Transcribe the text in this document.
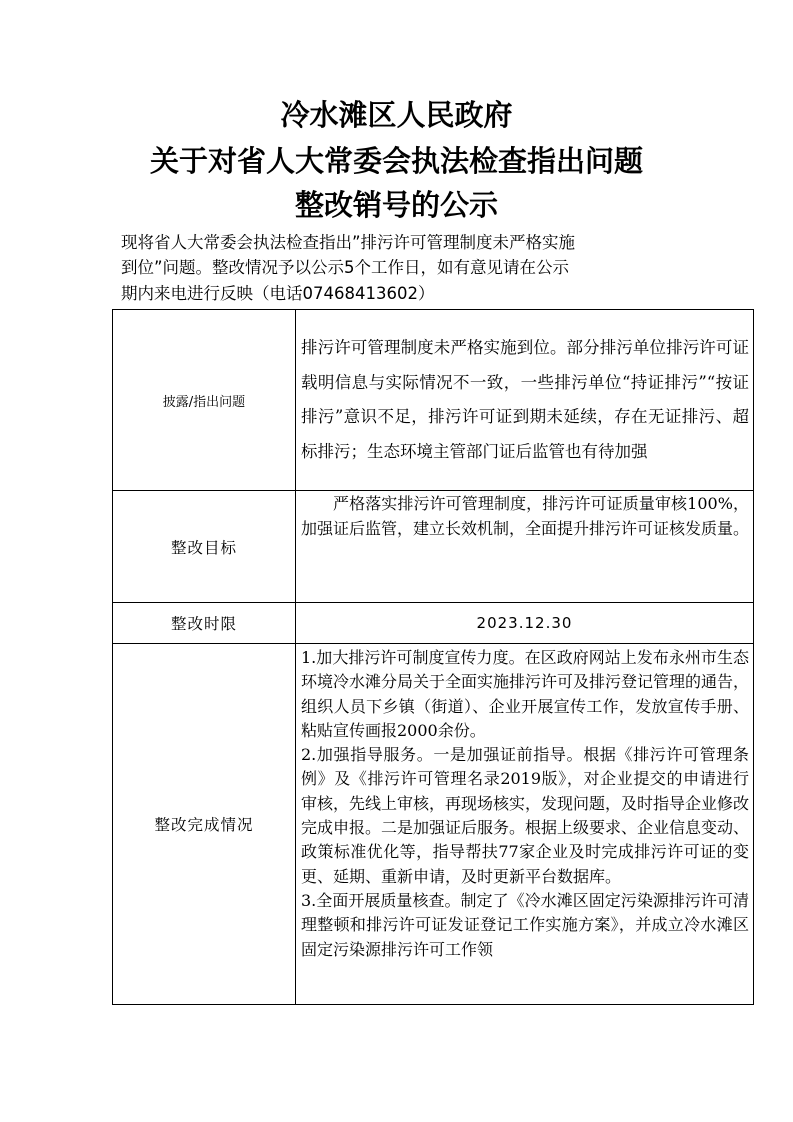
冷水滩区人民政府
关于对省人大常委会执法检查指出问题
整改销号的公示
现将省人大常委会执法检查指出”排污许可管理制度未严格实施
到位”问题。整改情况予以公示5个工作日，如有意见请在公示
期内来电进行反映（电话07468413602）
披露/指出问题	排污许可管理制度未严格实施到位。部分排污单位排污许可证载明信息与实际情况不一致，一些排污单位“持证排污”“按证排污”意识不足，排污许可证到期未延续，存在无证排污、超标排污；生态环境主管部门证后监管也有待加强

整改目标	严格落实排污许可管理制度，排污许可证质量审核100%，加强证后监管，建立长效机制，全面提升排污许可证核发质量。

整改时限	2023.12.30
整改完成情况	1.加大排污许可制度宣传力度。在区政府网站上发布永州市生态环境冷水滩分局关于全面实施排污许可及排污登记管理的通告，组织人员下乡镇（街道）、企业开展宣传工作，发放宣传手册、粘贴宣传画报2000余份。
2.加强指导服务。一是加强证前指导。根据《排污许可管理条例》及《排污许可管理名录2019版》，对企业提交的申请进行审核，先线上审核，再现场核实，发现问题，及时指导企业修改完成申报。二是加强证后服务。根据上级要求、企业信息变动、政策标准优化等，指导帮扶77家企业及时完成排污许可证的变更、延期、重新申请，及时更新平台数据库。
3.全面开展质量核查。制定了《冷水滩区固定污染源排污许可清理整顿和排污许可证发证登记工作实施方案》，并成立冷水滩区固定污染源排污许可工作领
